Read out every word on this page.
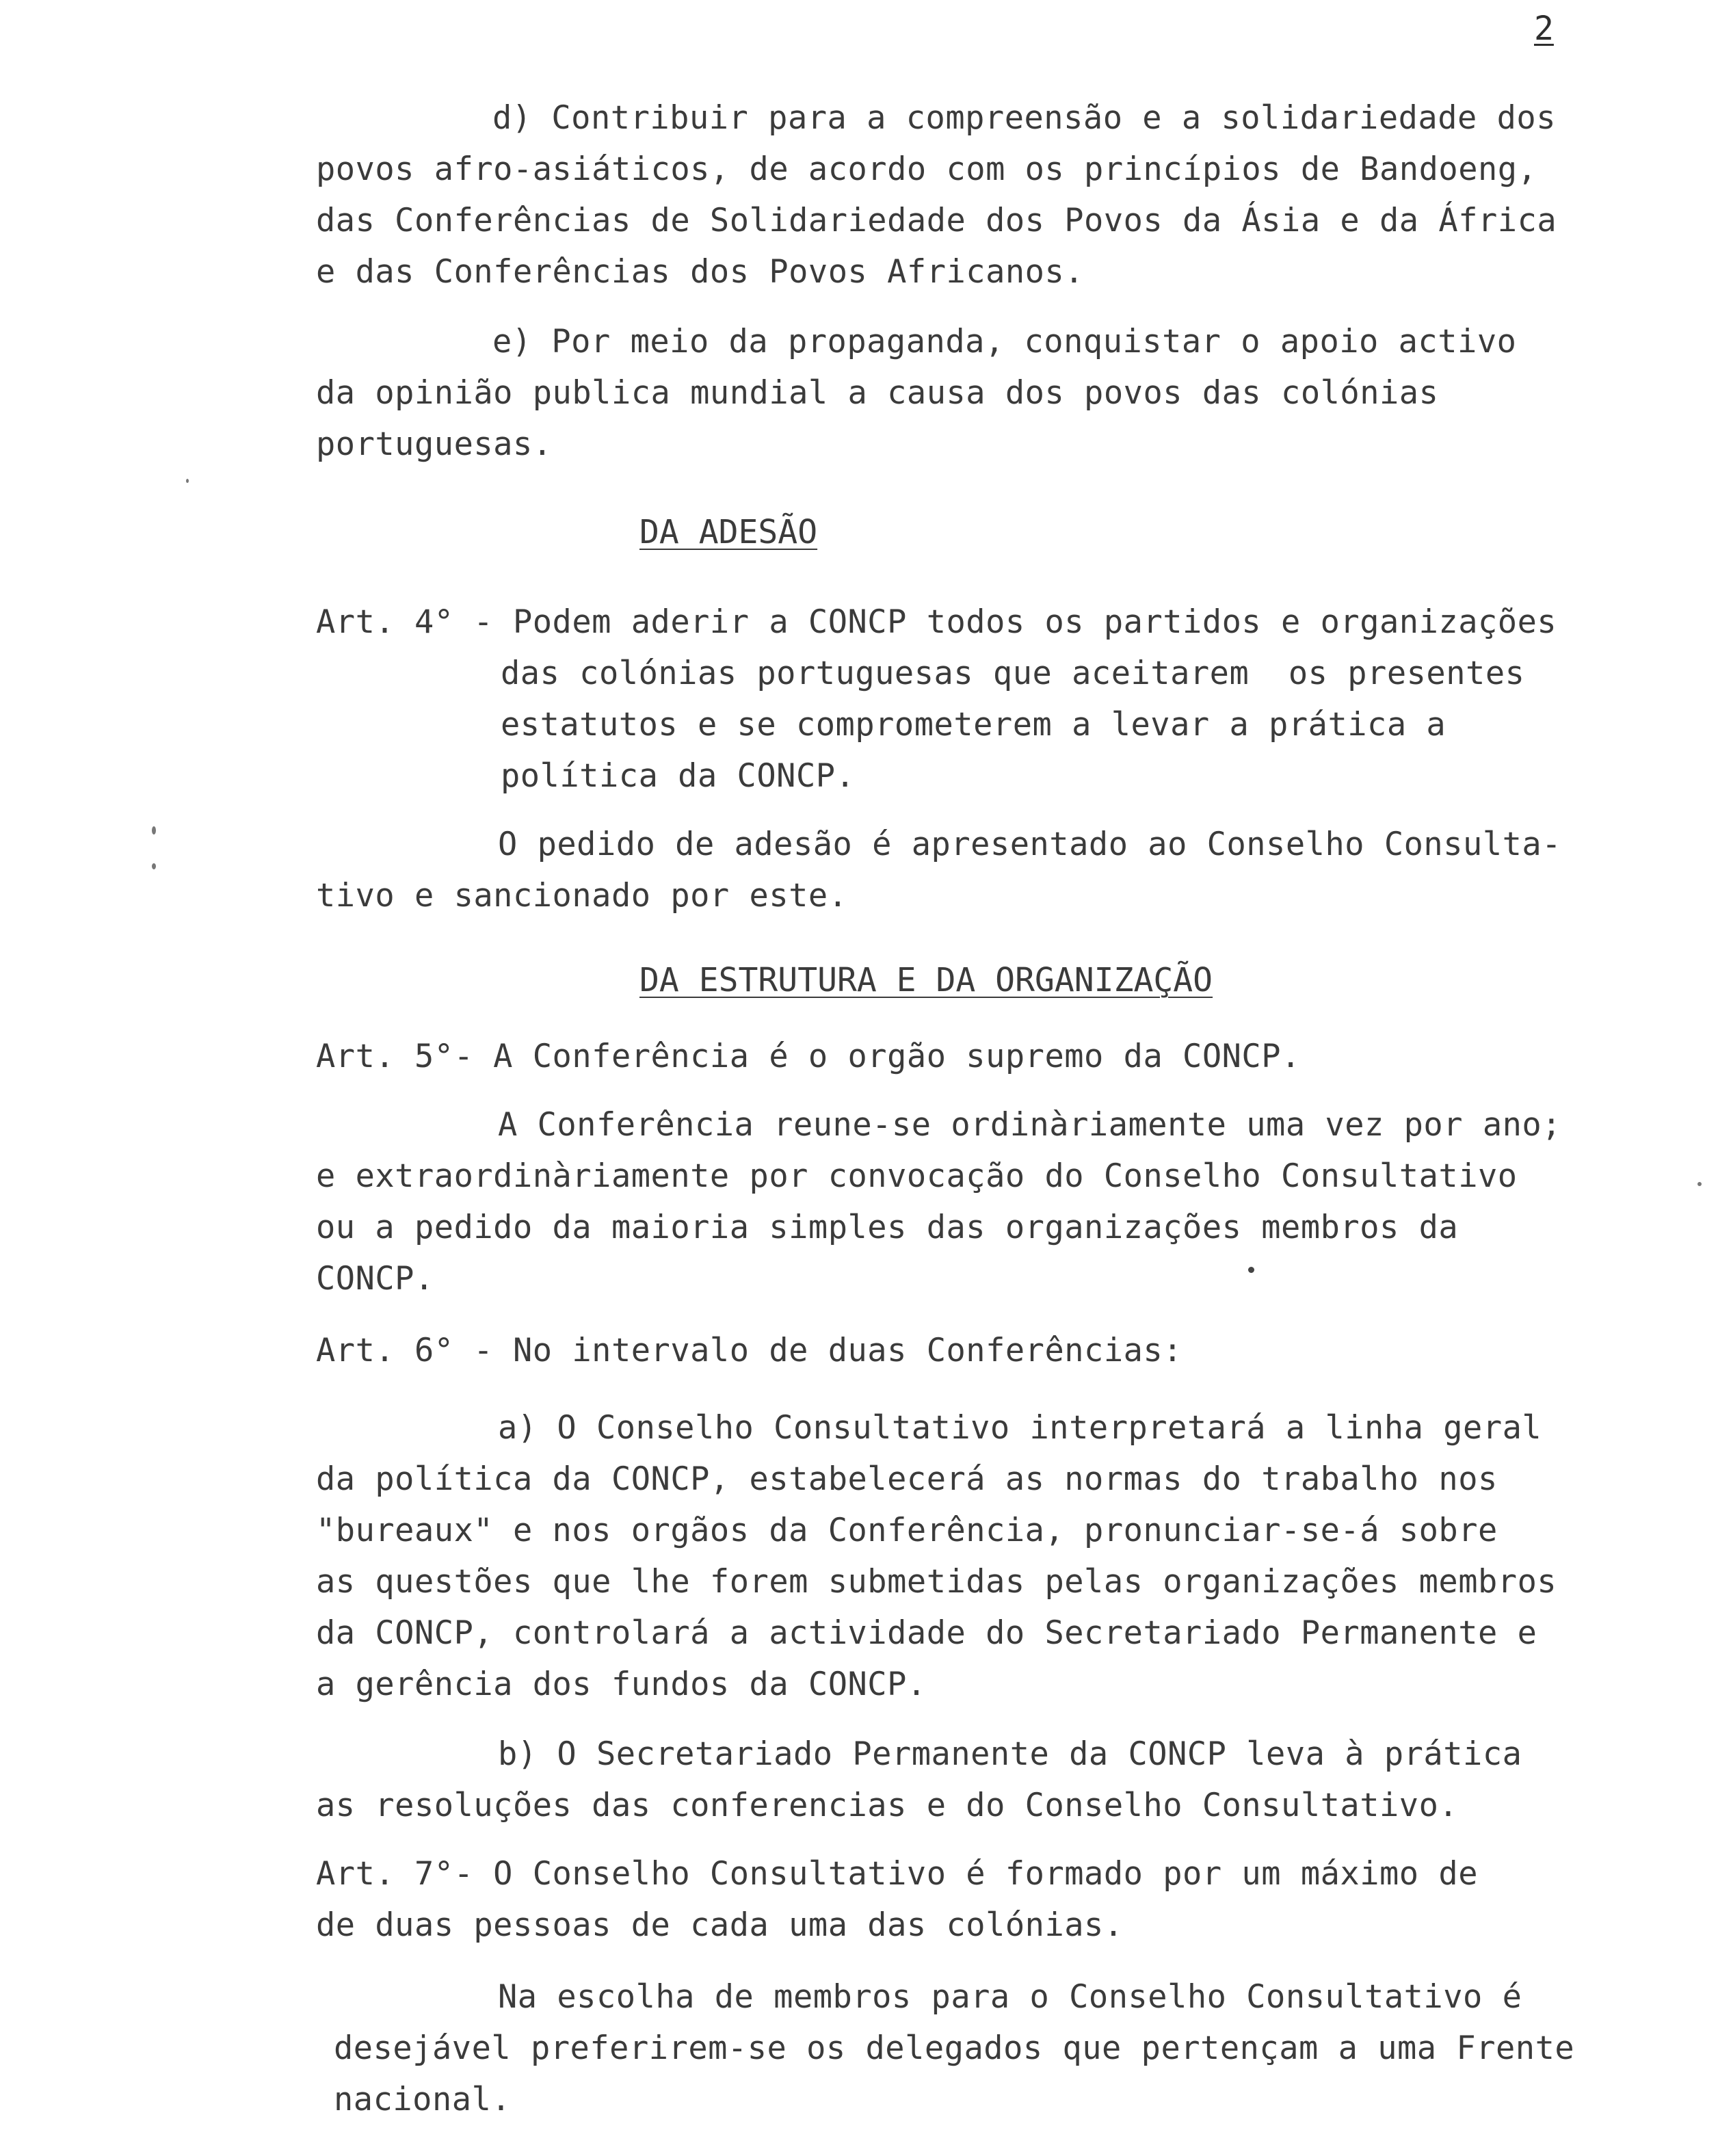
2
d) Contribuir para a compreensão e a solidariedade dos
povos afro-asiáticos, de acordo com os princípios de Bandoeng,
das Conferências de Solidariedade dos Povos da Ásia e da África
e das Conferências dos Povos Africanos.
e) Por meio da propaganda, conquistar o apoio activo
da opinião publica mundial a causa dos povos das colónias
portuguesas.
DA ADESÃO
Art. 4° - Podem aderir a CONCP todos os partidos e organizações
das colónias portuguesas que aceitarem  os presentes
estatutos e se comprometerem a levar a prática a
política da CONCP.
O pedido de adesão é apresentado ao Conselho Consulta-
tivo e sancionado por este.
DA ESTRUTURA E DA ORGANIZAÇÃO
Art. 5°- A Conferência é o orgão supremo da CONCP.
A Conferência reune-se ordinàriamente uma vez por ano;
e extraordinàriamente por convocação do Conselho Consultativo
ou a pedido da maioria simples das organizações membros da
CONCP.
Art. 6° - No intervalo de duas Conferências:
a) O Conselho Consultativo interpretará a linha geral
da política da CONCP, estabelecerá as normas do trabalho nos
"bureaux" e nos orgãos da Conferência, pronunciar-se-á sobre
as questões que lhe forem submetidas pelas organizações membros
da CONCP, controlará a actividade do Secretariado Permanente e
a gerência dos fundos da CONCP.
b) O Secretariado Permanente da CONCP leva à prática
as resoluções das conferencias e do Conselho Consultativo.
Art. 7°- O Conselho Consultativo é formado por um máximo de
de duas pessoas de cada uma das colónias.
Na escolha de membros para o Conselho Consultativo é
desejável preferirem-se os delegados que pertençam a uma Frente
nacional.
